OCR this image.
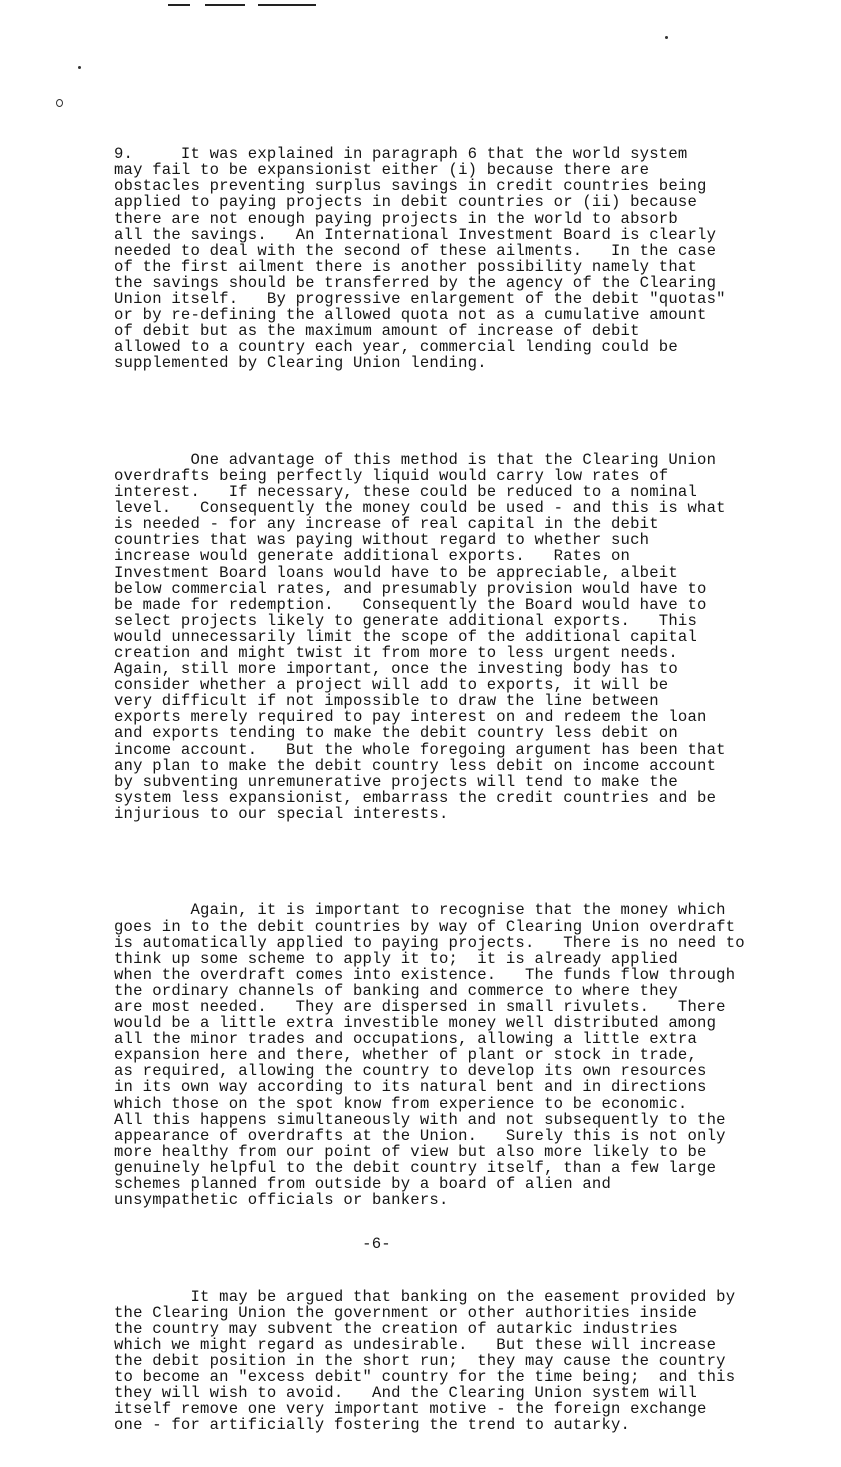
9.     It was explained in paragraph 6 that the world system
may fail to be expansionist either (i) because there are
obstacles preventing surplus savings in credit countries being
applied to paying projects in debit countries or (ii) because
there are not enough paying projects in the world to absorb
all the savings.   An International Investment Board is clearly
needed to deal with the second of these ailments.   In the case
of the first ailment there is another possibility namely that
the savings should be transferred by the agency of the Clearing
Union itself.   By progressive enlargement of the debit "quotas"
or by re-defining the allowed quota not as a cumulative amount
of debit but as the maximum amount of increase of debit
allowed to a country each year, commercial lending could be
supplemented by Clearing Union lending.

One advantage of this method is that the Clearing Union
overdrafts being perfectly liquid would carry low rates of
interest.   If necessary, these could be reduced to a nominal
level.   Consequently the money could be used - and this is what
is needed - for any increase of real capital in the debit
countries that was paying without regard to whether such
increase would generate additional exports.   Rates on
Investment Board loans would have to be appreciable, albeit
below commercial rates, and presumably provision would have to
be made for redemption.   Consequently the Board would have to
select projects likely to generate additional exports.   This
would unnecessarily limit the scope of the additional capital
creation and might twist it from more to less urgent needs.
Again, still more important, once the investing body has to
consider whether a project will add to exports, it will be
very difficult if not impossible to draw the line between
exports merely required to pay interest on and redeem the loan
and exports tending to make the debit country less debit on
income account.   But the whole foregoing argument has been that
any plan to make the debit country less debit on income account
by subventing unremunerative projects will tend to make the
system less expansionist, embarrass the credit countries and be
injurious to our special interests.

Again, it is important to recognise that the money which
goes in to the debit countries by way of Clearing Union overdraft
is automatically applied to paying projects.   There is no need to
think up some scheme to apply it to;  it is already applied
when the overdraft comes into existence.   The funds flow through
the ordinary channels of banking and commerce to where they
are most needed.   They are dispersed in small rivulets.   There
would be a little extra investible money well distributed among
all the minor trades and occupations, allowing a little extra
expansion here and there, whether of plant or stock in trade,
as required, allowing the country to develop its own resources
in its own way according to its natural bent and in directions
which those on the spot know from experience to be economic.
All this happens simultaneously with and not subsequently to the
appearance of overdrafts at the Union.   Surely this is not only
more healthy from our point of view but also more likely to be
genuinely helpful to the debit country itself, than a few large
schemes planned from outside by a board of alien and
unsympathetic officials or bankers.

It may be argued that banking on the easement provided by
the Clearing Union the government or other authorities inside
the country may subvent the creation of autarkic industries
which we might regard as undesirable.   But these will increase
the debit position in the short run;  they may cause the country
to become an "excess debit" country for the time being;  and this
they will wish to avoid.   And the Clearing Union system will
itself remove one very important motive - the foreign exchange
one - for artificially fostering the trend to autarky.

-6-
